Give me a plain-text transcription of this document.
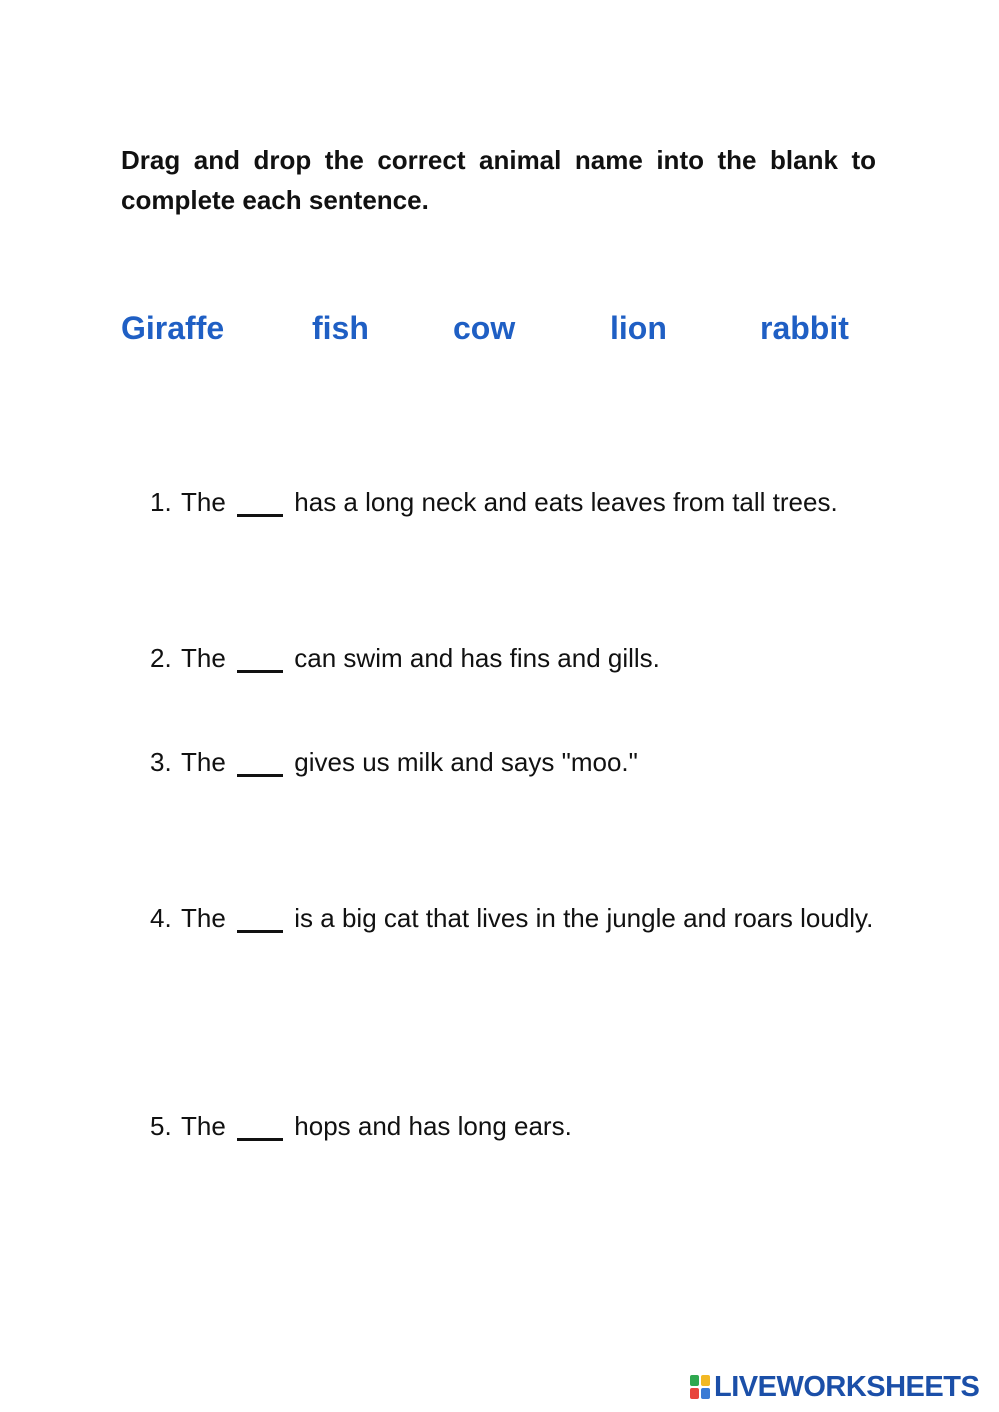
Drag and drop the correct animal name into the blank to complete each sentence.
Giraffe	fish	cow	lion	rabbit
1. The	has a long neck and eats leaves from tall trees.
2. The	can swim and has fins and gills.
3. The	gives us milk and says "moo."
4. The	is a big cat that lives in the jungle and roars loudly.
5. The	hops and has long ears.
LIVEWORKSHEETS
